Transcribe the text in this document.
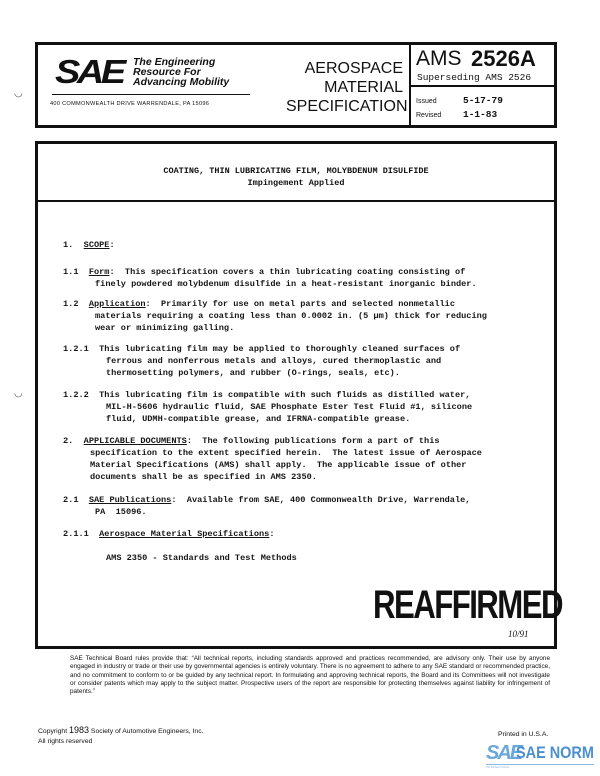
SAE The Engineering
Resource For
Advancing Mobility
400 COMMONWEALTH DRIVE WARRENDALE, PA 15096
AEROSPACE
MATERIAL
SPECIFICATION
AMS 2526A
Superseding AMS 2526
Issued
Revised
5-17-79
1-1-83
COATING, THIN LUBRICATING FILM, MOLYBDENUM DISULFIDE
Impingement Applied
1. SCOPE:
1.1 Form:  This specification covers a thin lubricating coating consisting of
finely powdered molybdenum disulfide in a heat-resistant inorganic binder.
1.2 Application:  Primarily for use on metal parts and selected nonmetallic
materials requiring a coating less than 0.0002 in. (5 µm) thick for reducing
wear or minimizing galling.
1.2.1 This lubricating film may be applied to thoroughly cleaned surfaces of
ferrous and nonferrous metals and alloys, cured thermoplastic and
thermosetting polymers, and rubber (O-rings, seals, etc).
1.2.2 This lubricating film is compatible with such fluids as distilled water,
MIL-H-5606 hydraulic fluid, SAE Phosphate Ester Test Fluid #1, silicone
fluid, UDMH-compatible grease, and IFRNA-compatible grease.
2. APPLICABLE DOCUMENTS:  The following publications form a part of this
specification to the extent specified herein.  The latest issue of Aerospace
Material Specifications (AMS) shall apply.  The applicable issue of other
documents shall be as specified in AMS 2350.
2.1 SAE Publications:  Available from SAE, 400 Commonwealth Drive, Warrendale,
PA  15096.
2.1.1 Aerospace Material Specifications:
AMS 2350 - Standards and Test Methods
REAFFIRMED
10/91
SAE Technical Board rules provide that: “All technical reports, including standards approved and practices recommended, are advisory only. Their use by anyone engaged in industry or trade or their use by governmental agencies is entirely voluntary. There is no agreement to adhere to any SAE standard or recommended practice, and no commitment to conform to or be guided by any technical report. In formulating and approving technical reports, the Board and its Committees will not investigate or consider patents which may apply to the subject matter. Prospective users of the report are responsible for protecting themselves against liability for infringement of patents.”
Copyright 1983 Society of Automotive Engineers, Inc.
All rights reserved
Printed in U.S.A.
SAE
SAE NORM
INTERNATIONAL
◡
◡
